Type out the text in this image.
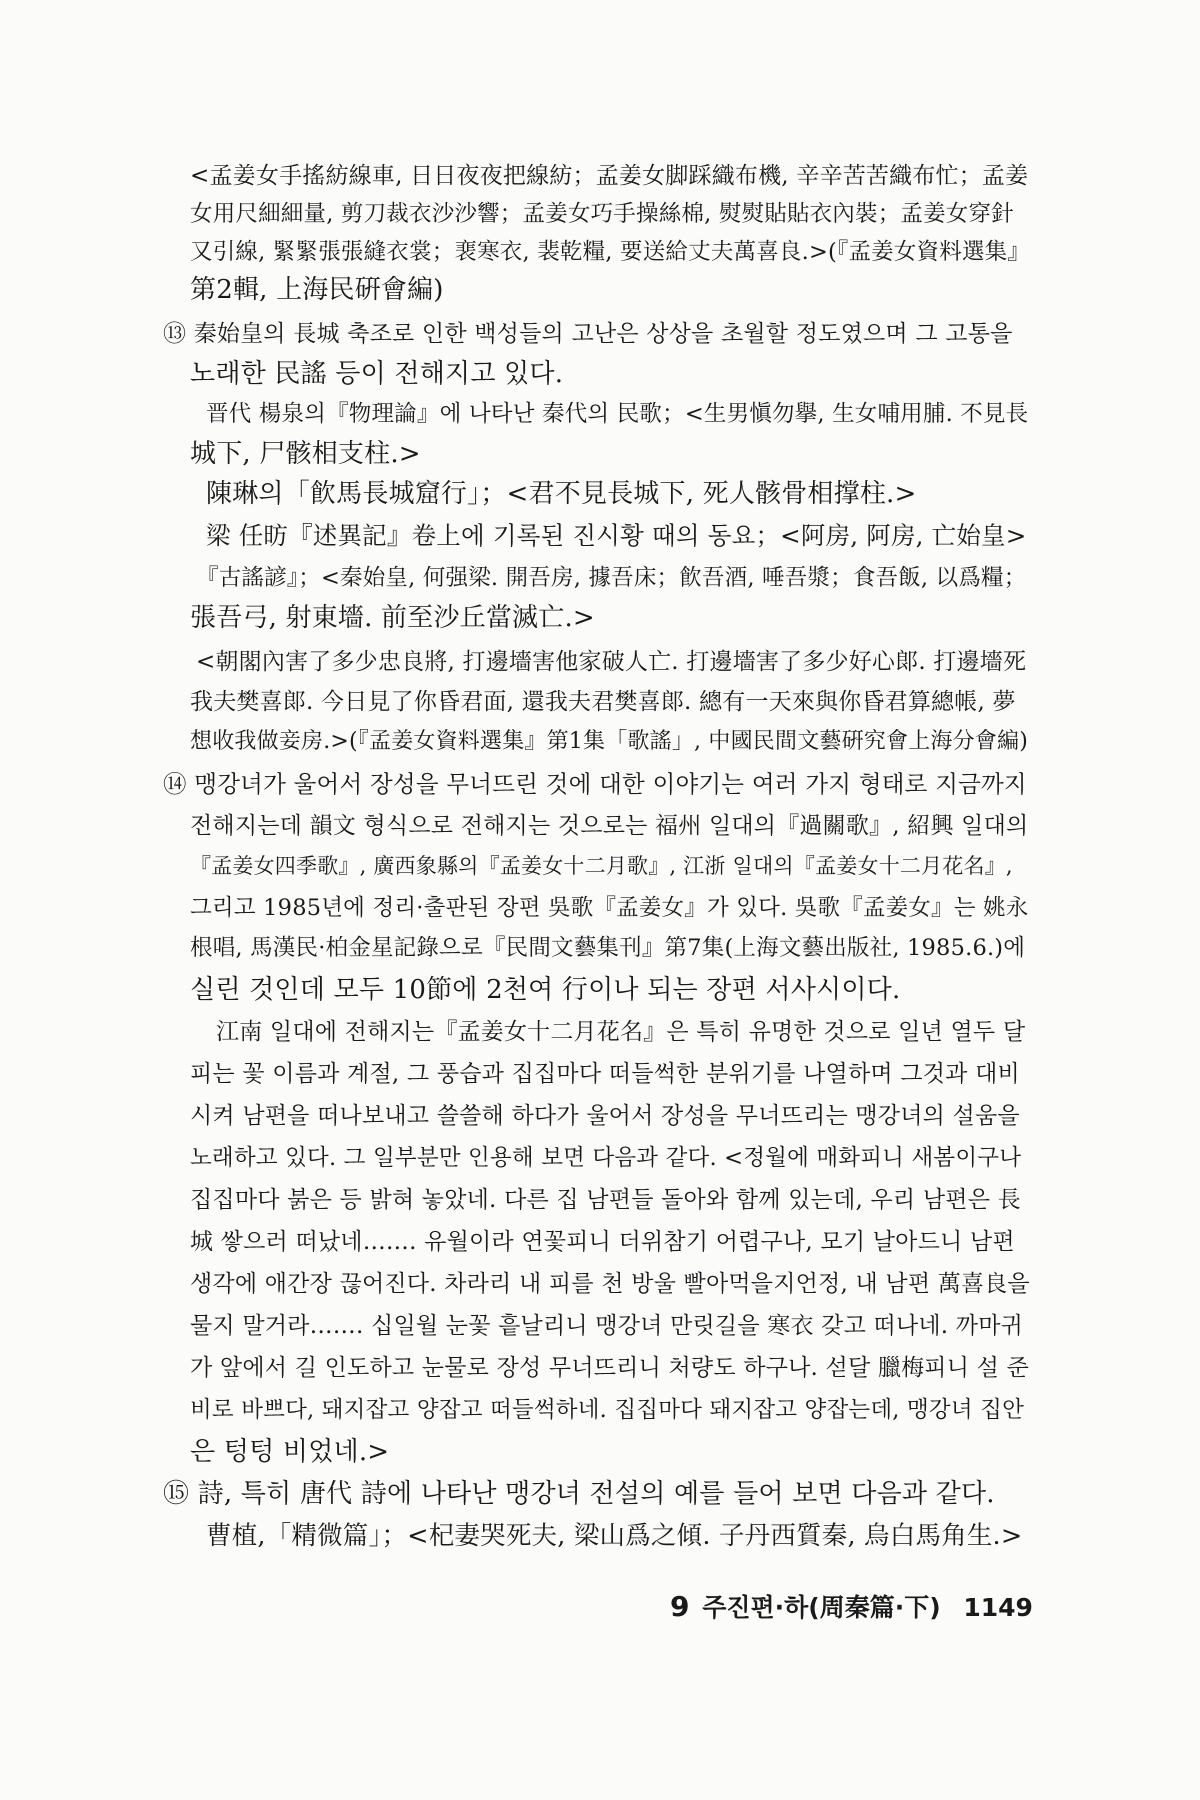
<孟姜女手搖紡線車, 日日夜夜把線紡；孟姜女脚踩織布機, 辛辛苦苦織布忙；孟姜
女用尺細細量, 剪刀裁衣沙沙響；孟姜女巧手操絲棉, 熨熨貼貼衣內裝；孟姜女穿針
又引線, 緊緊張張縫衣裳；裵寒衣, 裴乾糧, 要送給丈夫萬喜良.>(『孟姜女資料選集』
第2輯, 上海民硏會編)
⑬ 秦始皇의 長城 축조로 인한 백성들의 고난은 상상을 초월할 정도였으며 그 고통을
노래한 民謠 등이 전해지고 있다.
晋代 楊泉의『物理論』에 나타난 秦代의 民歌；<生男愼勿擧, 生女哺用脯. 不見長
城下, 尸骸相支柱.>
陳琳의「飮馬長城窟行」；<君不見長城下, 死人骸骨相撑柱.>
梁 任昉『述異記』卷上에 기록된 진시황 때의 동요；<阿房, 阿房, 亡始皇>
『古謠諺』；<秦始皇, 何强梁. 開吾房, 據吾床；飮吾酒, 唾吾漿；食吾飯, 以爲糧；
張吾弓, 射東墻. 前至沙丘當滅亡.>
<朝閣內害了多少忠良將, 打邊墻害他家破人亡. 打邊墻害了多少好心郞. 打邊墻死
我夫樊喜郞. 今日見了你昏君面, 還我夫君樊喜郞. 總有一天來與你昏君算總帳, 夢
想收我做妾房.>(『孟姜女資料選集』第1集「歌謠」, 中國民間文藝硏究會上海分會編)
⑭ 맹강녀가 울어서 장성을 무너뜨린 것에 대한 이야기는 여러 가지 형태로 지금까지
전해지는데 韻文 형식으로 전해지는 것으로는 福州 일대의『過關歌』, 紹興 일대의
『孟姜女四季歌』, 廣西象縣의『孟姜女十二月歌』, 江浙 일대의『孟姜女十二月花名』,
그리고 1985년에 정리·출판된 장편 吳歌『孟姜女』가 있다. 吳歌『孟姜女』는 姚永
根唱, 馬漢民·柏金星記錄으로『民間文藝集刊』第7集(上海文藝出版社, 1985.6.)에
실린 것인데 모두 10節에 2천여 行이나 되는 장편 서사시이다.
江南 일대에 전해지는『孟姜女十二月花名』은 특히 유명한 것으로 일년 열두 달
피는 꽃 이름과 계절, 그 풍습과 집집마다 떠들썩한 분위기를 나열하며 그것과 대비
시켜 남편을 떠나보내고 쓸쓸해 하다가 울어서 장성을 무너뜨리는 맹강녀의 설움을
노래하고 있다. 그 일부분만 인용해 보면 다음과 같다. <정월에 매화피니 새봄이구나
집집마다 붉은 등 밝혀 놓았네. 다른 집 남편들 돌아와 함께 있는데, 우리 남편은 長
城 쌓으러 떠났네……. 유월이라 연꽃피니 더위참기 어렵구나, 모기 날아드니 남편
생각에 애간장 끊어진다. 차라리 내 피를 천 방울 빨아먹을지언정, 내 남편 萬喜良을
물지 말거라……. 십일월 눈꽃 흩날리니 맹강녀 만릿길을 寒衣 갖고 떠나네. 까마귀
가 앞에서 길 인도하고 눈물로 장성 무너뜨리니 처량도 하구나. 섣달 臘梅피니 설 준
비로 바쁘다, 돼지잡고 양잡고 떠들썩하네. 집집마다 돼지잡고 양잡는데, 맹강녀 집안
은 텅텅 비었네.>
⑮ 詩, 특히 唐代 詩에 나타난 맹강녀 전설의 예를 들어 보면 다음과 같다.
曹植,「精微篇」；<杞妻哭死夫, 梁山爲之傾. 子丹西質秦, 烏白馬角生.>
9 주진편·하(周秦篇·下) 1149
